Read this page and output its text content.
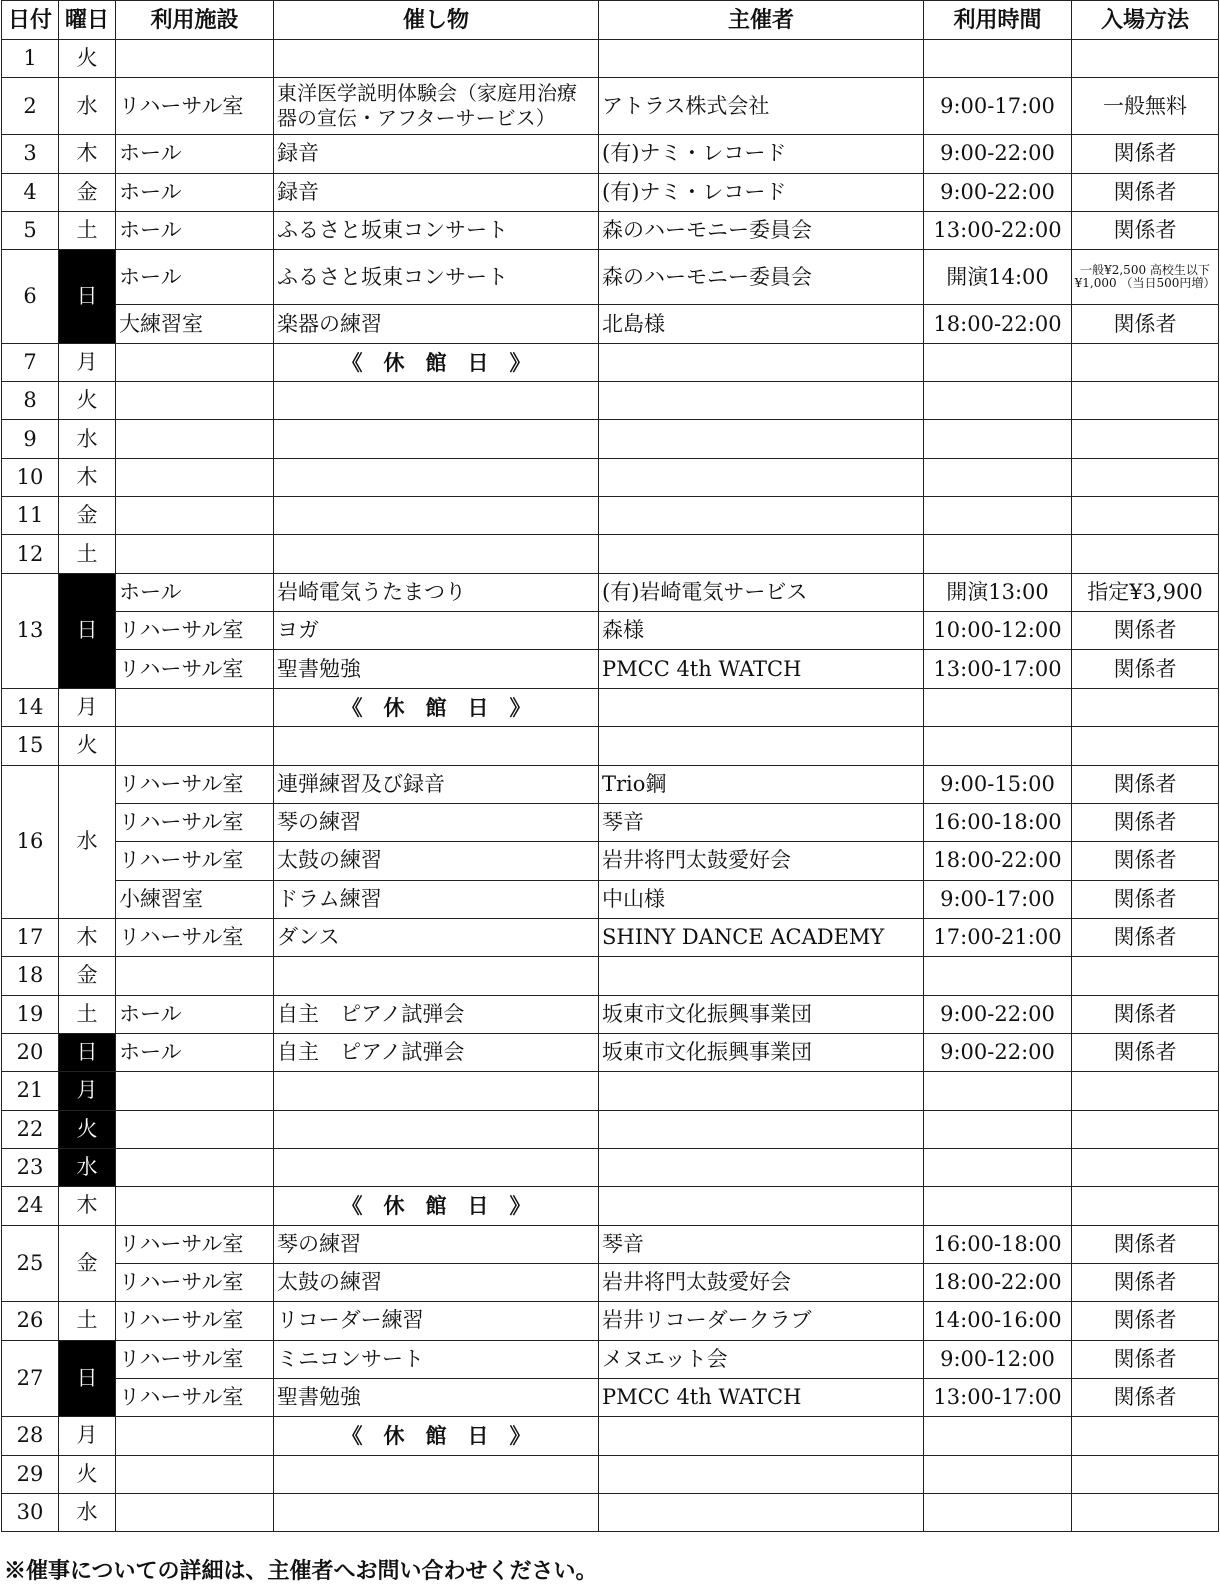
日付	曜日	利用施設	催し物	主催者	利用時間	入場方法
1	火					
2	水	リハーサル室	東洋医学説明体験会（家庭用治療器の宣伝・アフターサービス）	アトラス株式会社	9:00-17:00	一般無料
3	木	ホール	録音	(有)ナミ・レコード	9:00-22:00	関係者
4	金	ホール	録音	(有)ナミ・レコード	9:00-22:00	関係者
5	土	ホール	ふるさと坂東コンサート	森のハーモニー委員会	13:00-22:00	関係者
6	日	ホール	ふるさと坂東コンサート	森のハーモニー委員会	開演14:00	一般¥2,500 高校生以下¥1,000 （当日500円増）
		大練習室	楽器の練習	北島様	18:00-22:00	関係者
7	月		《　休　館　日　》			
8	火					
9	水					
10	木					
11	金					
12	土					
13	日	ホール	岩崎電気うたまつり	(有)岩崎電気サービス	開演13:00	指定¥3,900
		リハーサル室	ヨガ	森様	10:00-12:00	関係者
		リハーサル室	聖書勉強	PMCC 4th WATCH	13:00-17:00	関係者
14	月		《　休　館　日　》			
15	火					
16	水	リハーサル室	連弾練習及び録音	Trio鋼	9:00-15:00	関係者
		リハーサル室	琴の練習	琴音	16:00-18:00	関係者
		リハーサル室	太鼓の練習	岩井将門太鼓愛好会	18:00-22:00	関係者
		小練習室	ドラム練習	中山様	9:00-17:00	関係者
17	木	リハーサル室	ダンス	SHINY DANCE ACADEMY	17:00-21:00	関係者
18	金					
19	土	ホール	自主　ピアノ試弾会	坂東市文化振興事業団	9:00-22:00	関係者
20	日	ホール	自主　ピアノ試弾会	坂東市文化振興事業団	9:00-22:00	関係者
21	月					
22	火					
23	水					
24	木		《　休　館　日　》			
25	金	リハーサル室	琴の練習	琴音	16:00-18:00	関係者
		リハーサル室	太鼓の練習	岩井将門太鼓愛好会	18:00-22:00	関係者
26	土	リハーサル室	リコーダー練習	岩井リコーダークラブ	14:00-16:00	関係者
27	日	リハーサル室	ミニコンサート	メヌエット会	9:00-12:00	関係者
		リハーサル室	聖書勉強	PMCC 4th WATCH	13:00-17:00	関係者
28	月		《　休　館　日　》			
29	火					
30	水					
※催事についての詳細は、主催者へお問い合わせください。
